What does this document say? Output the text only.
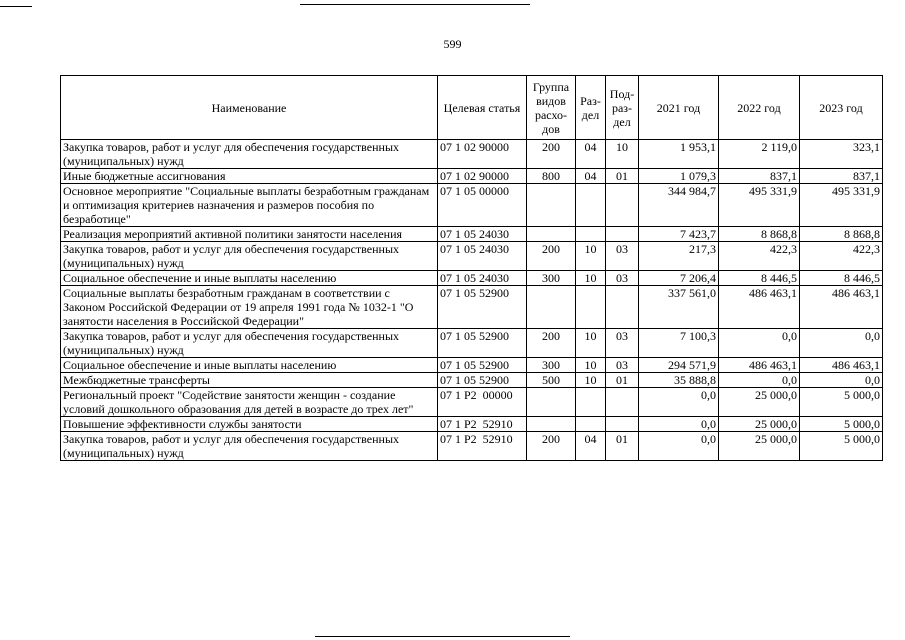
599
Наименование	Целевая статья	Группа видов расхо-дов	Раз-дел	Под-раз-дел	2021 год	2022 год	2023 год
Закупка товаров, работ и услуг для обеспечения государственных (муниципальных) нужд	07 1 02 90000	200	04	10	1 953,1	2 119,0	323,1
Иные бюджетные ассигнования	07 1 02 90000	800	04	01	1 079,3	837,1	837,1
Основное мероприятие "Социальные выплаты безработным гражданам и оптимизация критериев назначения и размеров пособия по безработице"	07 1 05 00000				344 984,7	495 331,9	495 331,9
Реализация мероприятий активной политики занятости населения	07 1 05 24030				7 423,7	8 868,8	8 868,8
Закупка товаров, работ и услуг для обеспечения государственных (муниципальных) нужд	07 1 05 24030	200	10	03	217,3	422,3	422,3
Социальное обеспечение и иные выплаты населению	07 1 05 24030	300	10	03	7 206,4	8 446,5	8 446,5
Социальные выплаты безработным гражданам в соответствии с Законом Российской Федерации от 19 апреля 1991 года № 1032-1 "О занятости населения в Российской Федерации"	07 1 05 52900				337 561,0	486 463,1	486 463,1
Закупка товаров, работ и услуг для обеспечения государственных (муниципальных) нужд	07 1 05 52900	200	10	03	7 100,3	0,0	0,0
Социальное обеспечение и иные выплаты населению	07 1 05 52900	300	10	03	294 571,9	486 463,1	486 463,1
Межбюджетные трансферты	07 1 05 52900	500	10	01	35 888,8	0,0	0,0
Региональный проект "Содействие занятости женщин - создание условий дошкольного образования для детей в возрасте до трех лет"	07 1 P2  00000				0,0	25 000,0	5 000,0
Повышение эффективности службы занятости	07 1 P2  52910				0,0	25 000,0	5 000,0
Закупка товаров, работ и услуг для обеспечения государственных (муниципальных) нужд	07 1 P2  52910	200	04	01	0,0	25 000,0	5 000,0
